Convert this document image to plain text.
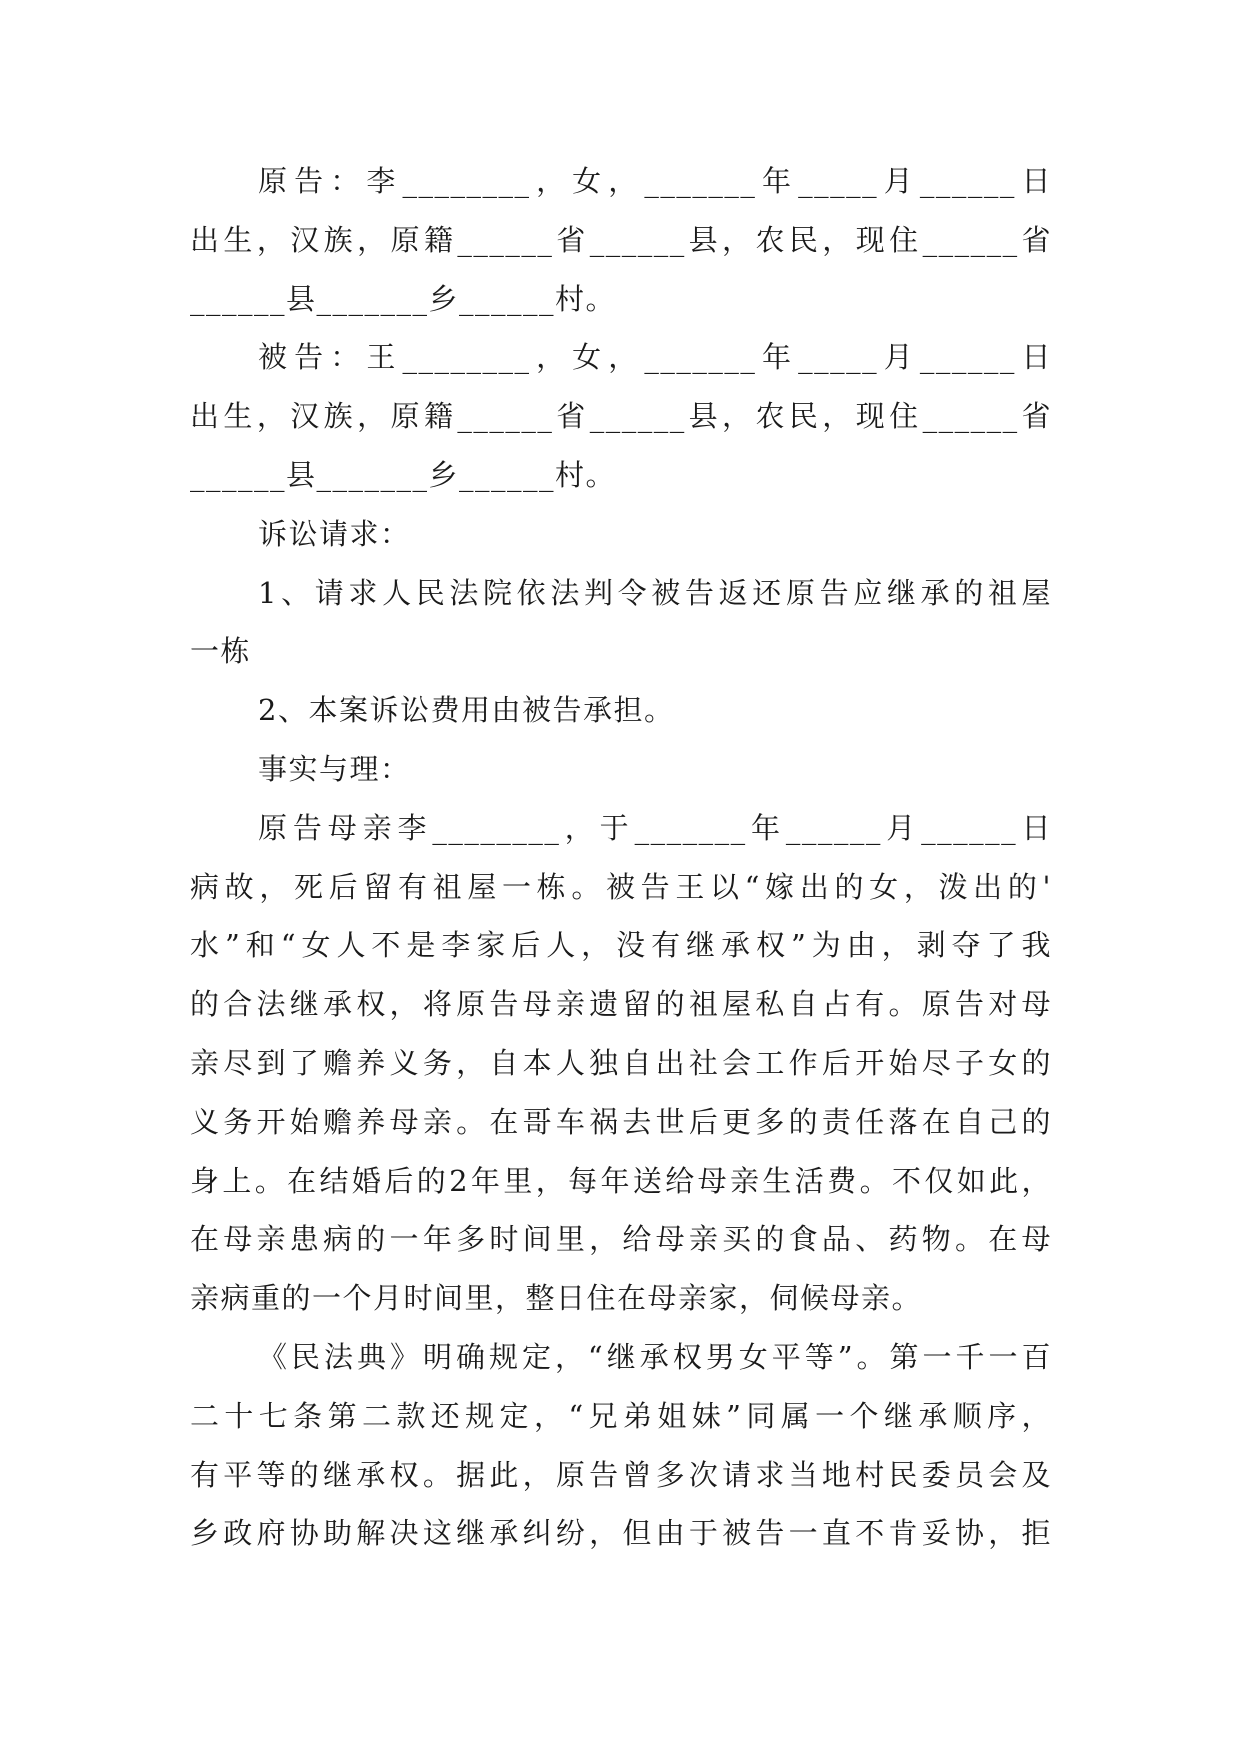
原告：李________，女，_______年_____月______日
出生，汉族，原籍______省______县，农民，现住______省
______县_______乡______村。

被告：王________，女，_______年_____月______日
出生，汉族，原籍______省______县，农民，现住______省
______县_______乡______村。

诉讼请求：

1、请求人民法院依法判令被告返还原告应继承的祖屋
一栋

2、本案诉讼费用由被告承担。

事实与理：

原告母亲李________，于_______年______月______日
病故，死后留有祖屋一栋。被告王以“嫁出的女，泼出的'
水”和“女人不是李家后人，没有继承权”为由，剥夺了我
的合法继承权，将原告母亲遗留的祖屋私自占有。原告对母
亲尽到了赡养义务，自本人独自出社会工作后开始尽子女的
义务开始赡养母亲。在哥车祸去世后更多的责任落在自己的
身上。在结婚后的2年里，每年送给母亲生活费。不仅如此，
在母亲患病的一年多时间里，给母亲买的食品、药物。在母
亲病重的一个月时间里，整日住在母亲家，伺候母亲。

《民法典》明确规定，“继承权男女平等”。第一千一百
二十七条第二款还规定，“兄弟姐妹”同属一个继承顺序，
有平等的继承权。据此，原告曾多次请求当地村民委员会及
乡政府协助解决这继承纠纷，但由于被告一直不肯妥协，拒
